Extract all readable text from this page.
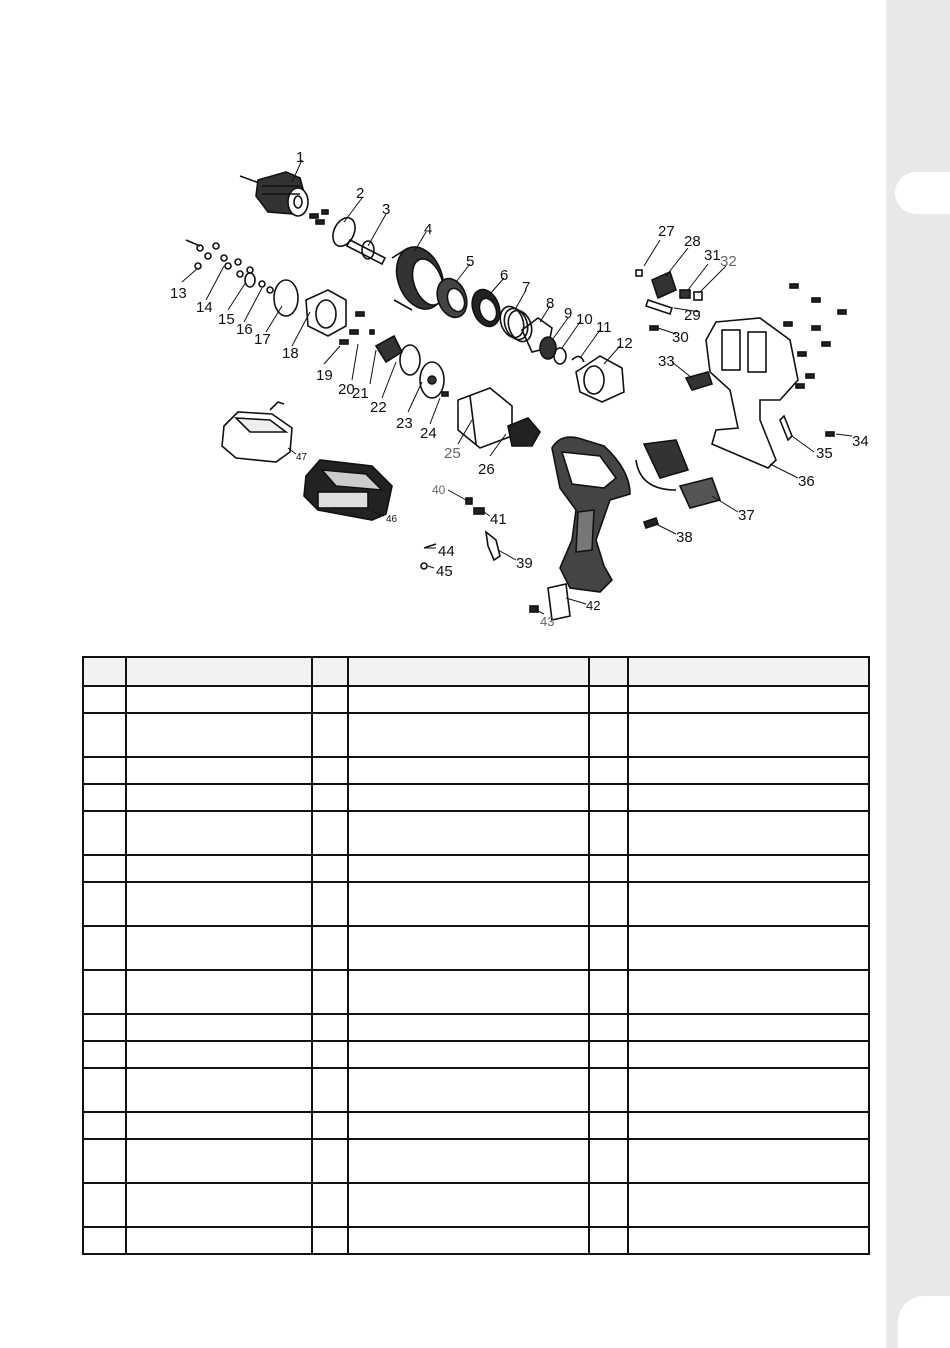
1
2
3
4
5
6
7
8
9 10 11
12
13
14
15
16
17
18
19
20
21
22
23
24
25
26
27
28
29
30
31 32
33
34
35
36
37
38
39
40
41
42
43
44
45
46
47
